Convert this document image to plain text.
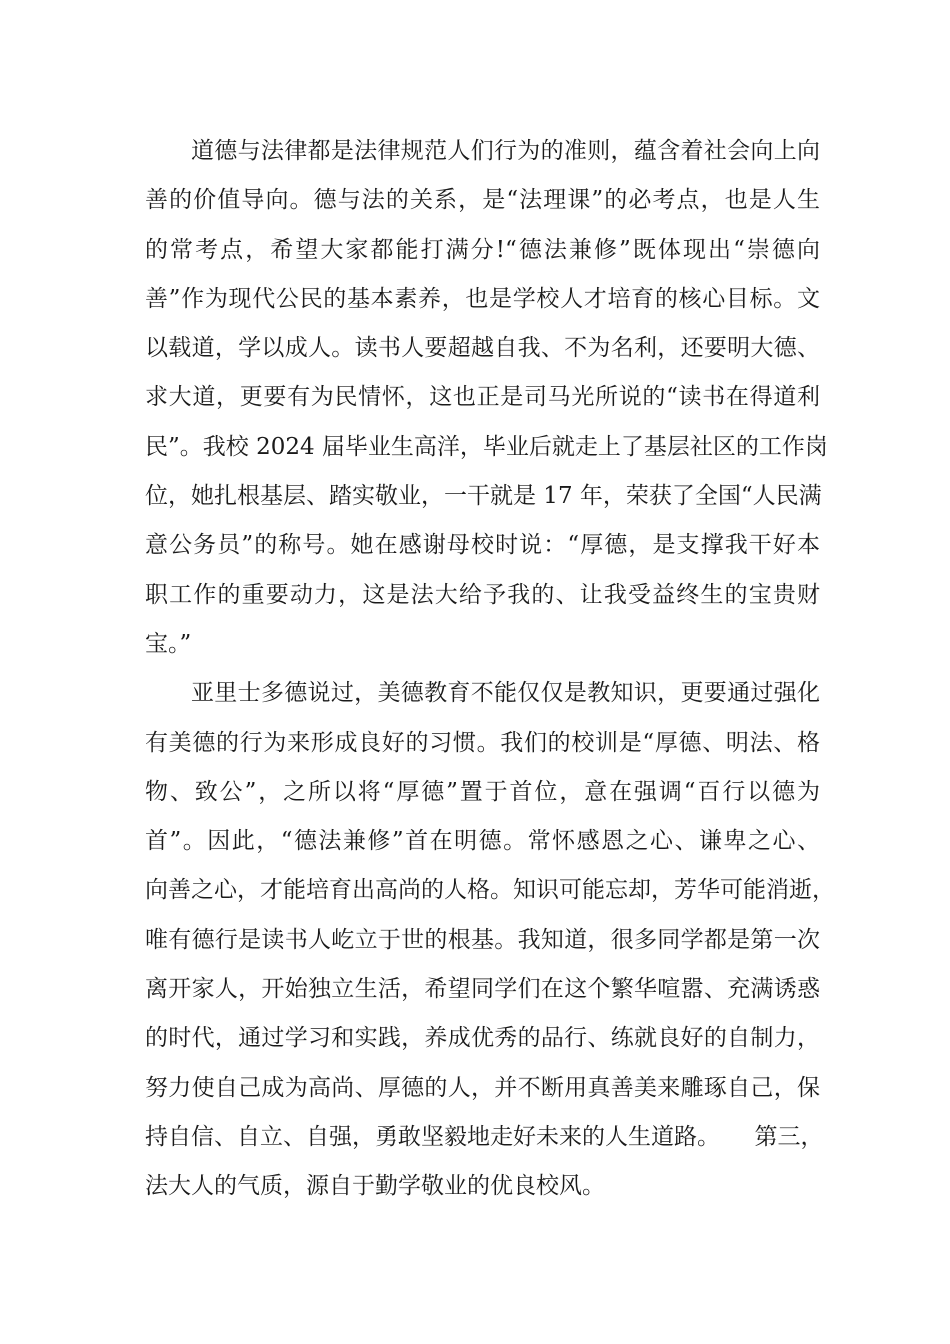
道德与法律都是法律规范人们行为的准则，蕴含着社会向上向
善的价值导向。德与法的关系，是“法理课”的必考点，也是人生
的常考点，希望大家都能打满分!“德法兼修”既体现出“崇德向
善”作为现代公民的基本素养，也是学校人才培育的核心目标。文
以载道，学以成人。读书人要超越自我、不为名利，还要明大德、
求大道，更要有为民情怀，这也正是司马光所说的“读书在得道利
民”。我校 2024 届毕业生高洋，毕业后就走上了基层社区的工作岗
位，她扎根基层、踏实敬业，一干就是 17 年，荣获了全国“人民满
意公务员”的称号。她在感谢母校时说：“厚德，是支撑我干好本
职工作的重要动力，这是法大给予我的、让我受益终生的宝贵财
宝。”
亚里士多德说过，美德教育不能仅仅是教知识，更要通过强化
有美德的行为来形成良好的习惯。我们的校训是“厚德、明法、格
物、致公”，之所以将“厚德”置于首位，意在强调“百行以德为
首”。因此，“德法兼修”首在明德。常怀感恩之心、谦卑之心、
向善之心，才能培育出高尚的人格。知识可能忘却，芳华可能消逝，
唯有德行是读书人屹立于世的根基。我知道，很多同学都是第一次
离开家人，开始独立生活，希望同学们在这个繁华喧嚣、充满诱惑
的时代，通过学习和实践，养成优秀的品行、练就良好的自制力，
努力使自己成为高尚、厚德的人，并不断用真善美来雕琢自己，保
持自信、自立、自强，勇敢坚毅地走好未来的人生道路。　　第三，
法大人的气质，源自于勤学敬业的优良校风。
